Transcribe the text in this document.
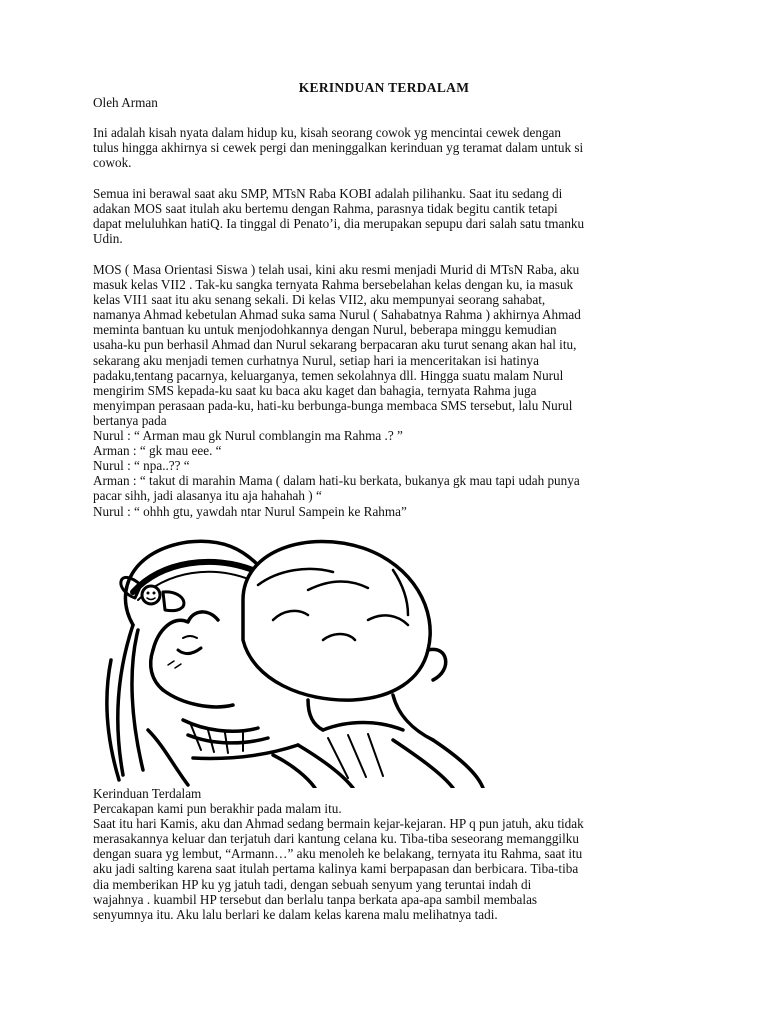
KERINDUAN TERDALAM

Oleh Arman

Ini adalah kisah nyata dalam hidup ku, kisah seorang cowok yg mencintai cewek dengan

tulus hingga akhirnya si cewek pergi dan meninggalkan kerinduan yg teramat dalam untuk si

cowok.

Semua ini berawal saat aku SMP, MTsN Raba KOBI adalah pilihanku. Saat itu sedang di

adakan MOS saat itulah aku bertemu dengan Rahma, parasnya tidak begitu cantik tetapi

dapat meluluhkan hatiQ. Ia tinggal di Penato’i, dia merupakan sepupu dari salah satu tmanku

Udin.

MOS ( Masa Orientasi Siswa ) telah usai, kini aku resmi menjadi Murid di MTsN Raba, aku

masuk kelas VII2 . Tak-ku sangka ternyata Rahma bersebelahan kelas dengan ku, ia masuk

kelas VII1 saat itu aku senang sekali. Di kelas VII2, aku mempunyai seorang sahabat,

namanya Ahmad kebetulan Ahmad suka sama Nurul ( Sahabatnya Rahma ) akhirnya Ahmad

meminta bantuan ku untuk menjodohkannya dengan Nurul, beberapa minggu kemudian

usaha-ku pun berhasil Ahmad dan Nurul sekarang berpacaran aku turut senang akan hal itu,

sekarang aku menjadi temen curhatnya Nurul, setiap hari ia menceritakan isi hatinya

padaku,tentang pacarnya, keluarganya, temen sekolahnya dll. Hingga suatu malam Nurul

mengirim SMS kepada-ku saat ku baca aku kaget dan bahagia, ternyata Rahma juga

menyimpan perasaan pada-ku, hati-ku berbunga-bunga membaca SMS tersebut, lalu Nurul

bertanya pada

Nurul : “ Arman mau gk Nurul comblangin ma Rahma .? ”

Arman : “ gk mau eee. “

Nurul : “ npa..?? “

Arman : “ takut di marahin Mama ( dalam hati-ku berkata, bukanya gk mau tapi udah punya

pacar sihh, jadi alasanya itu aja hahahah ) “

Nurul : “ ohhh gtu, yawdah ntar Nurul Sampein ke Rahma”

Kerinduan Terdalam

Percakapan kami pun berakhir pada malam itu.

Saat itu hari Kamis, aku dan Ahmad sedang bermain kejar-kejaran. HP q pun jatuh, aku tidak

merasakannya keluar dan terjatuh dari kantung celana ku. Tiba-tiba seseorang memanggilku

dengan suara yg lembut, “Armann…” aku menoleh ke belakang, ternyata itu Rahma, saat itu

aku jadi salting karena saat itulah pertama kalinya kami berpapasan dan berbicara. Tiba-tiba

dia memberikan HP ku yg jatuh tadi, dengan sebuah senyum yang teruntai indah di

wajahnya . kuambil HP tersebut dan berlalu tanpa berkata apa-apa sambil membalas

senyumnya itu. Aku lalu berlari ke dalam kelas karena malu melihatnya tadi.
